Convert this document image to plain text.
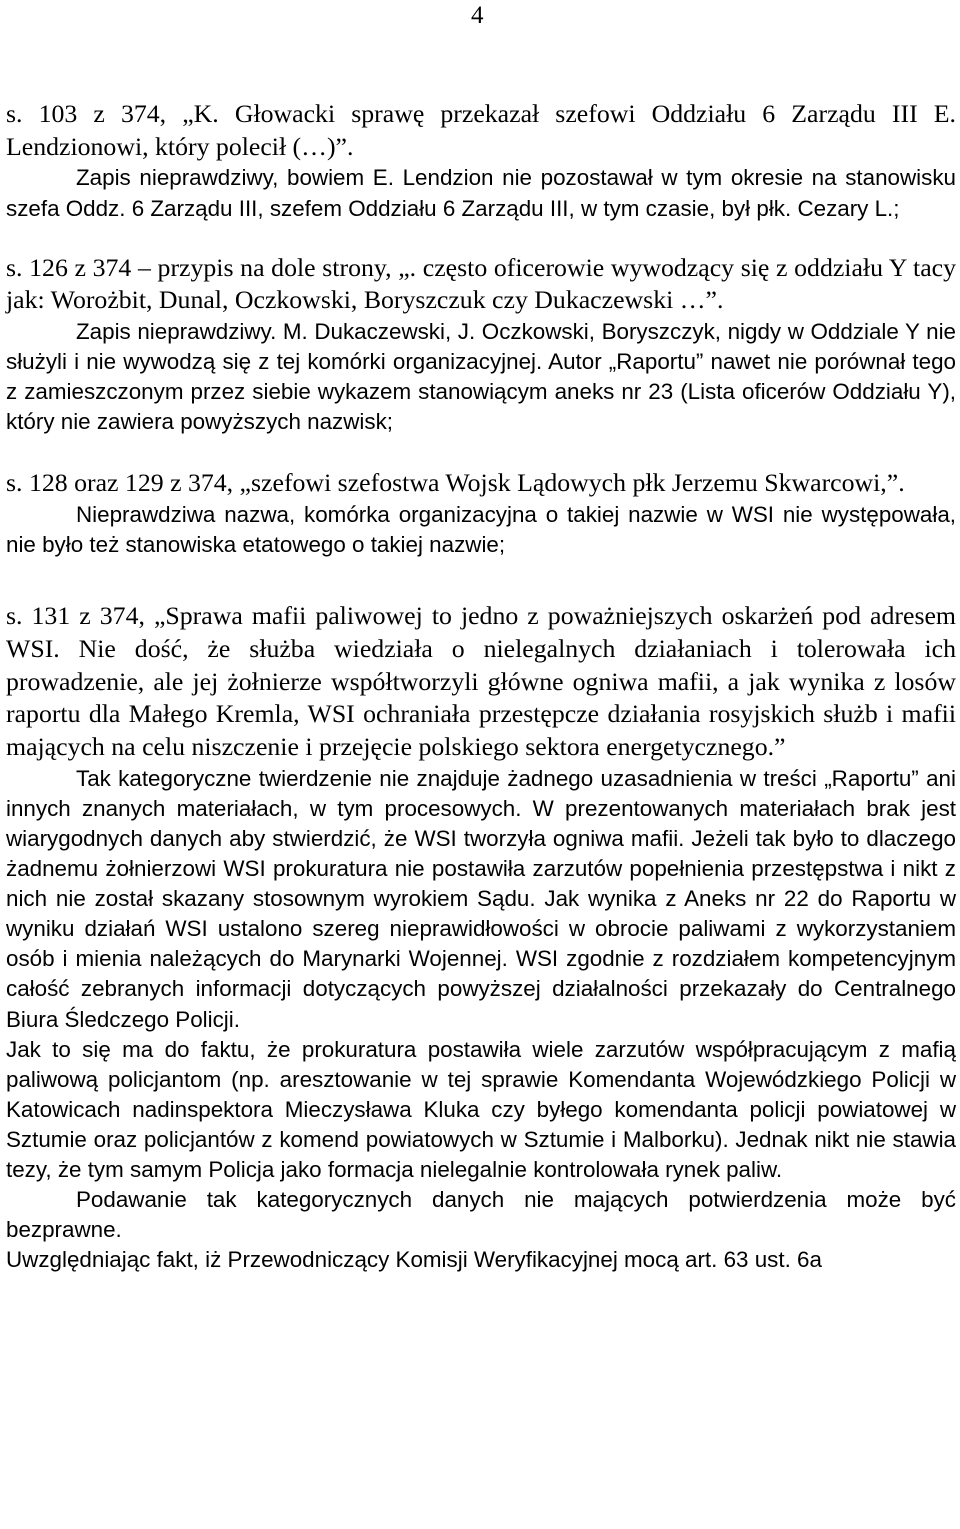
4

s. 103 z 374, „K. Głowacki sprawę przekazał szefowi Oddziału 6 Zarządu III E. Lendzionowi, który polecił (…)”.

Zapis nieprawdziwy, bowiem E. Lendzion nie pozostawał w tym okresie na stanowisku szefa Oddz. 6 Zarządu III, szefem Oddziału 6 Zarządu III, w tym czasie, był płk. Cezary L.;

s. 126 z 374 – przypis na dole strony, „. często oficerowie wywodzący się z oddziału Y tacy jak: Worożbit, Dunal, Oczkowski, Boryszczuk czy Dukaczewski …”.

Zapis nieprawdziwy. M. Dukaczewski, J. Oczkowski, Boryszczyk, nigdy w Oddziale Y nie służyli i nie wywodzą się z tej komórki organizacyjnej. Autor „Raportu” nawet nie porównał tego z zamieszczonym przez siebie wykazem stanowiącym aneks nr 23 (Lista oficerów Oddziału Y), który nie zawiera powyższych nazwisk;

s. 128 oraz 129 z 374, „szefowi szefostwa Wojsk Lądowych płk Jerzemu Skwarcowi,”.

Nieprawdziwa nazwa, komórka organizacyjna o takiej nazwie w WSI nie występowała, nie było też stanowiska etatowego o takiej nazwie;

s. 131 z 374, „Sprawa mafii paliwowej to jedno z poważniejszych oskarżeń pod adresem WSI. Nie dość, że służba wiedziała o nielegalnych działaniach i tolerowała ich prowadzenie, ale jej żołnierze współtworzyli główne ogniwa mafii, a jak wynika z losów raportu dla Małego Kremla, WSI ochraniała przestępcze działania rosyjskich służb i mafii mających na celu niszczenie i przejęcie polskiego sektora energetycznego.”

Tak kategoryczne twierdzenie nie znajduje żadnego uzasadnienia w treści „Raportu” ani innych znanych materiałach, w tym procesowych. W prezentowanych materiałach brak jest wiarygodnych danych aby stwierdzić, że WSI tworzyła ogniwa mafii. Jeżeli tak było to dlaczego żadnemu żołnierzowi WSI prokuratura nie postawiła zarzutów popełnienia przestępstwa i nikt z nich nie został skazany stosownym wyrokiem Sądu. Jak wynika z Aneks nr 22 do Raportu w wyniku działań WSI ustalono szereg nieprawidłowości w obrocie paliwami z wykorzystaniem osób i mienia należących do Marynarki Wojennej. WSI zgodnie z rozdziałem kompetencyjnym całość zebranych informacji dotyczących powyższej działalności przekazały do Centralnego Biura Śledczego Policji.

Jak to się ma do faktu, że prokuratura postawiła wiele zarzutów współpracującym z mafią paliwową policjantom (np. aresztowanie w tej sprawie Komendanta Wojewódzkiego Policji w Katowicach nadinspektora Mieczysława Kluka czy byłego komendanta policji powiatowej w Sztumie oraz policjantów z komend powiatowych w Sztumie i Malborku). Jednak nikt nie stawia tezy, że tym samym Policja jako formacja nielegalnie kontrolowała rynek paliw.

Podawanie tak kategorycznych danych nie mających potwierdzenia może być bezprawne.

Uwzględniając fakt, iż Przewodniczący Komisji Weryfikacyjnej mocą art. 63 ust. 6a
